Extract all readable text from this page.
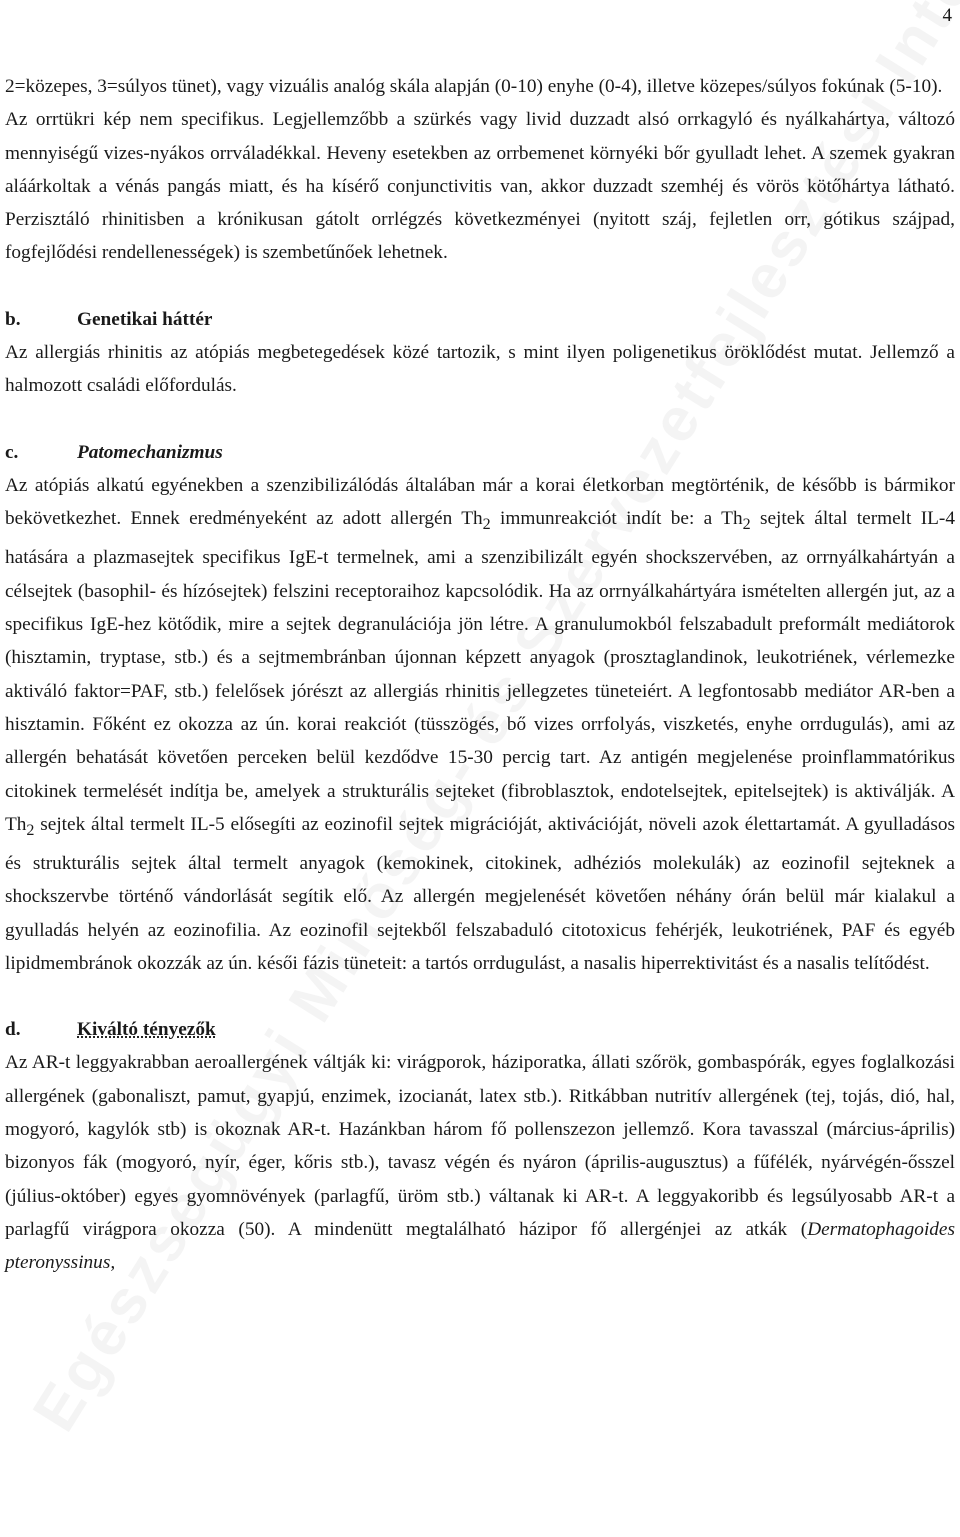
4

2=közepes, 3=súlyos tünet), vagy vizuális analóg skála alapján (0-10) enyhe (0-4), illetve közepes/súlyos fokúnak (5-10).

Az orrtükri kép nem specifikus. Legjellemzőbb a szürkés vagy livid duzzadt alsó orrkagyló és nyálkahártya, változó mennyiségű vizes-nyákos orrváladékkal. Heveny esetekben az orrbemenet környéki bőr gyulladt lehet. A szemek gyakran aláárkoltak a vénás pangás miatt, és ha kísérő conjunctivitis van, akkor duzzadt szemhéj és vörös kötőhártya látható. Perzisztáló rhinitisben a krónikusan gátolt orrlégzés következményei (nyitott száj, fejletlen orr, gótikus szájpad, fogfejlődési rendellenességek) is szembetűnőek lehetnek.

b.	Genetikai háttér

Az allergiás rhinitis az atópiás megbetegedések közé tartozik, s mint ilyen poligenetikus öröklődést mutat. Jellemző a halmozott családi előfordulás.

c.	Patomechanizmus

Az atópiás alkatú egyénekben a szenzibilizálódás általában már a korai életkorban megtörténik, de később is bármikor bekövetkezhet. Ennek eredményeként az adott allergén $Th_2$ immunreakciót indít be: a $Th_2$ sejtek által termelt IL-4 hatására a plazmasejtek specifikus IgE-t termelnek, ami a szenzibilizált egyén shockszervében, az orrnyálkahártyán a célsejtek (basophil- és hízósejtek) felszini receptoraihoz kapcsolódik. Ha az orrnyálkahártyára ismételten allergén jut, az a specifikus IgE-hez kötődik, mire a sejtek degranulációja jön létre. A granulumokból felszabadult preformált mediátorok (hisztamin, tryptase, stb.) és a sejtmembránban újonnan képzett anyagok (prosztaglandinok, leukotriének, vérlemezke aktiváló faktor=PAF, stb.) felelősek jórészt az allergiás rhinitis jellegzetes tüneteiért. A legfontosabb mediátor AR-ben a hisztamin. Főként ez okozza az ún. korai reakciót (tüsszögés, bő vizes orrfolyás, viszketés, enyhe orrdugulás), ami az allergén behatását követően perceken belül kezdődve 15-30 percig tart. Az antigén megjelenése proinflammatórikus citokinek termelését indítja be, amelyek a strukturális sejteket (fibroblasztok, endotelsejtek, epitelsejtek) is aktiválják. A $Th_2$ sejtek által termelt IL-5 elősegíti az eozinofil sejtek migrációját, aktivációját, növeli azok élettartamát. A gyulladásos és strukturális sejtek által termelt anyagok (kemokinek, citokinek, adhéziós molekulák) az eozinofil sejteknek a shockszervbe történő vándorlását segítik elő. Az allergén megjelenését követően néhány órán belül már kialakul a gyulladás helyén az eozinofilia. Az eozinofil sejtekből felszabaduló citotoxicus fehérjék, leukotriének, PAF és egyéb lipidmembránok okozzák az ún. késői fázis tüneteit: a tartós orrdugulást, a nasalis hiperrektivitást és a nasalis telítődést.

d.	Kiváltó tényezők

Az AR-t leggyakrabban aeroallergének váltják ki: virágporok, háziporatka, állati szőrök, gombaspórák, egyes foglalkozási allergének (gabonaliszt, pamut, gyapjú, enzimek, izocianát, latex stb.). Ritkábban nutritív allergének (tej, tojás, dió, hal, mogyoró, kagylók stb) is okoznak AR-t. Hazánkban három fő pollenszezon jellemző. Kora tavasszal (március-április) bizonyos fák (mogyoró, nyír, éger, kőris stb.), tavasz végén és nyáron (április-augusztus) a fűfélék, nyárvégén-ősszel (július-október) egyes gyomnövények (parlagfű, üröm stb.) váltanak ki AR-t. A leggyakoribb és legsúlyosabb AR-t a parlagfű virágpora okozza (50). A mindenütt megtalálható házipor fő allergénjei az atkák (Dermatophagoides pteronyssinus,
